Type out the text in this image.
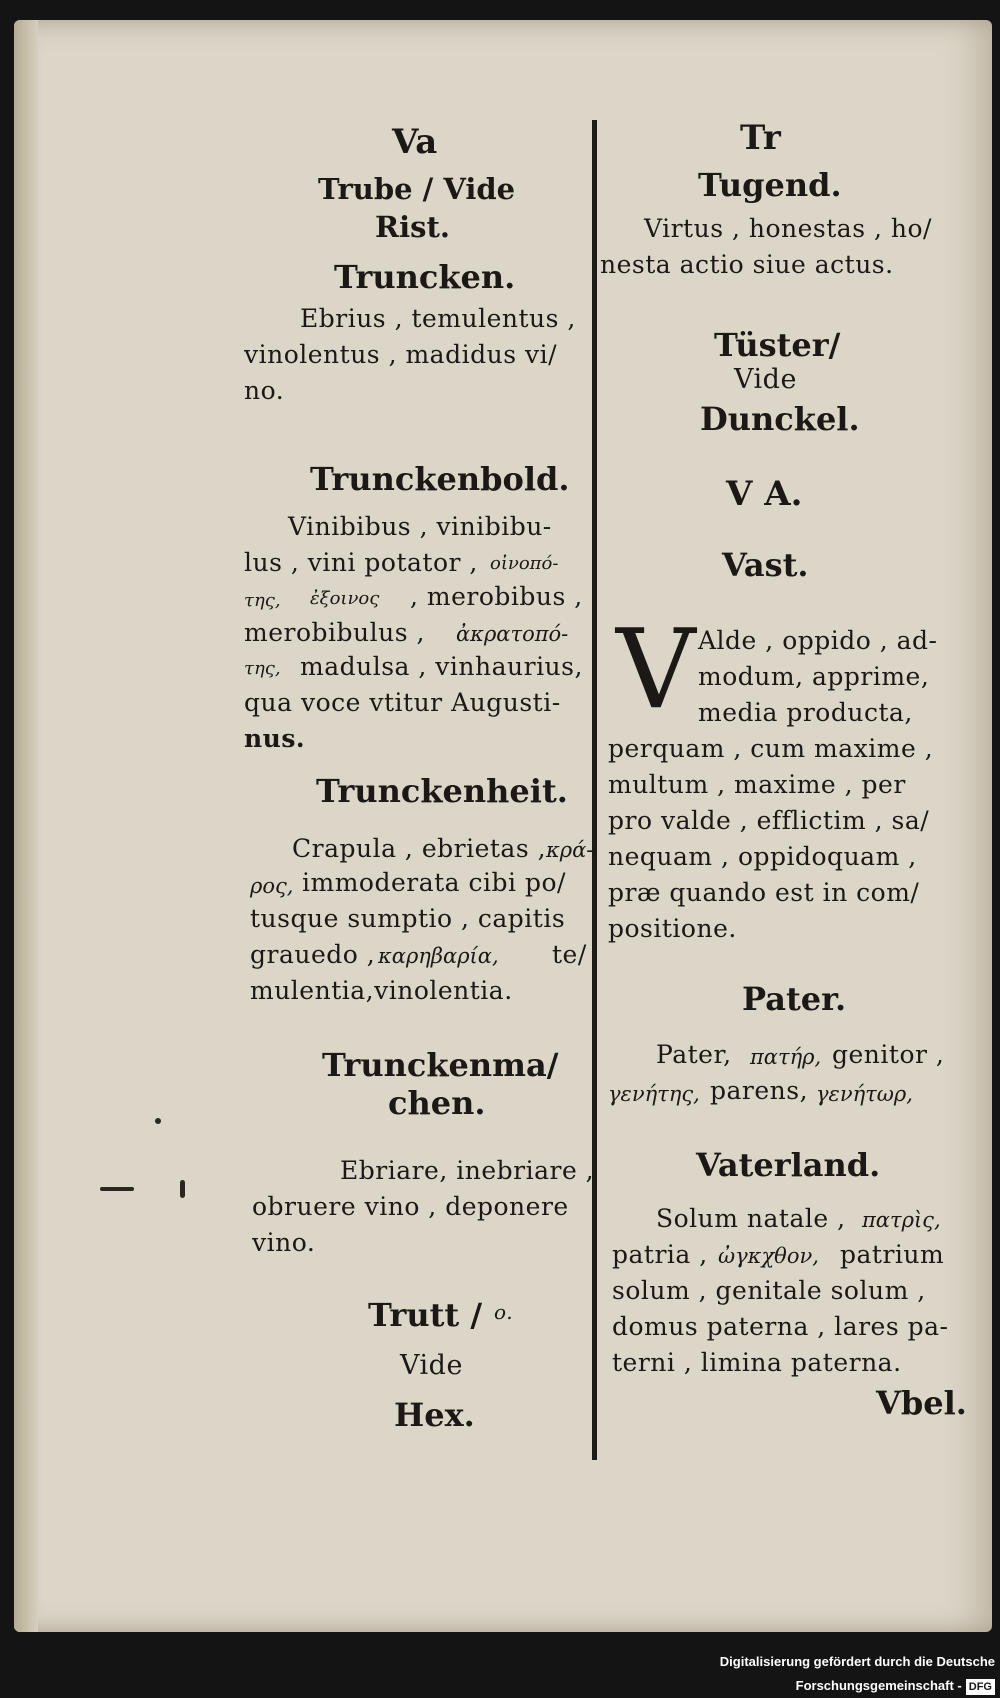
Va
Trube / Vide
Rist.
Truncken.
Ebrius , temulentus ,
vinolentus , madidus vi/
no.
Trunckenbold.
Vinibibus , vinibibu-
lus , vini potator , οἰνοπό-
της, ἐξοινος , merobibus ,
merobibulus , ἀκρατοπό-
της, madulsa , vinhaurius,
qua voce vtitur Augusti-
nus.
Trunckenheit.
Crapula , ebrietas , κρά-
ρος, immoderata cibi po/
tusque sumptio , capitis
grauedo , καρηβαρία, te/
mulentia,vinolentia.
Trunckenma/
chen.
Ebriare, inebriare ,
obruere vino , deponere
vino.
Trutt / o.
Vide
Hex.
Tr
Tugend.
Virtus , honestas , ho/
nesta actio siue actus.
Tüster/
Vide
Dunckel.
V A.
Vast.
V Alde , oppido , ad-
modum, apprime,
media producta,
perquam , cum maxime ,
multum , maxime , per
pro valde , efflictim , sa/
nequam , oppidoquam ,
præ quando est in com/
positione.
Pater.
Pater, πατήρ, genitor ,
γενήτης, parens, γενήτωρ,
Vaterland.
Solum natale , πατρὶς,
patria , ὠγκχθον, patrium
solum , genitale solum ,
domus paterna , lares pa-
terni , limina paterna.
Vbel.
Digitalisierung gefördert durch die Deutsche Forschungsgemeinschaft - DFG
